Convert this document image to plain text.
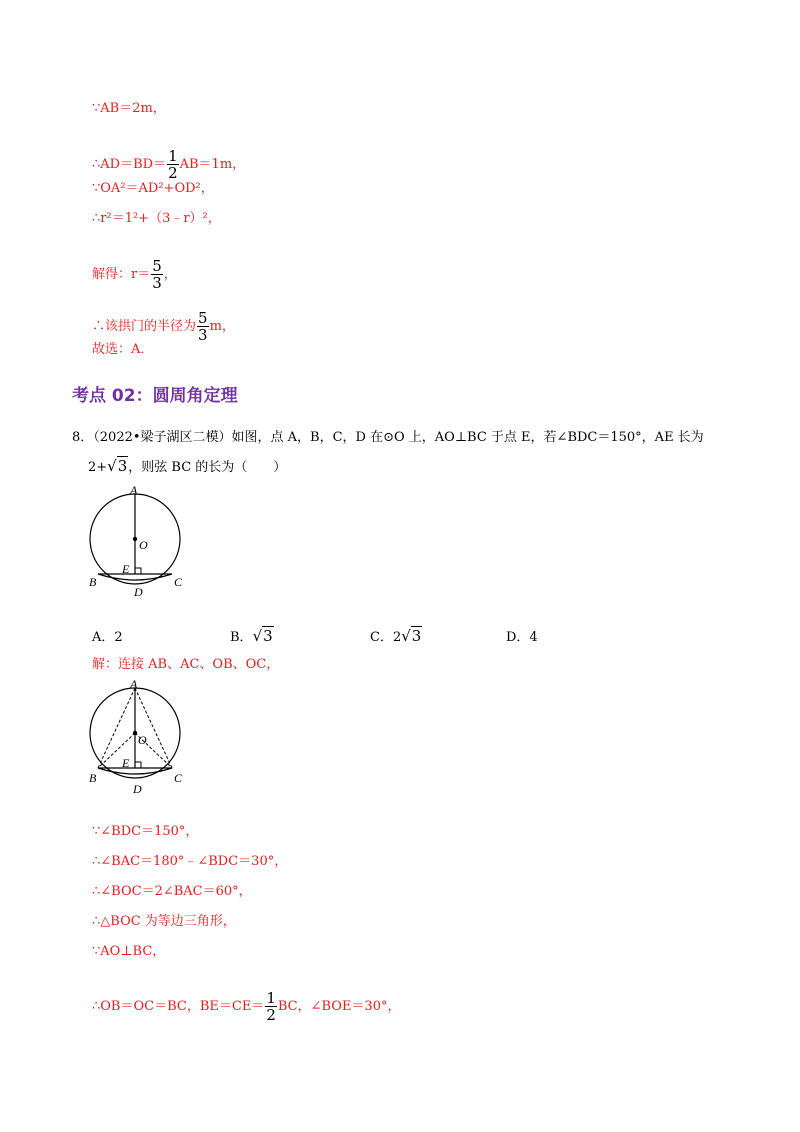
∵AB＝2m，
∴AD＝BD＝ $\frac{1}{2} AB=1m$，
∵OA²＝AD²+OD²，
∴r²＝1²+（3﹣r）²，
解得：$r= \frac{5}{3}$ ，
∴该拱门的半径为 $\frac{5}{3}$ m，
故选：A．
考点 02：圆周角定理
8．（2022•梁子湖区二模）如图，点 A，B，C，D 在⊙O 上，AO⊥BC 于点 E，若∠BDC＝150°，AE 长为
2+√3，则弦 BC 的长为（　　）
A
O
E
B	C
D
A．2	B．√3	C．2√3	D．4
解：连接 AB、AC、OB、OC，
A
O
E
B	C
D
∵∠BDC＝150°，
∴∠BAC＝180°﹣∠BDC＝30°，
∴∠BOC＝2∠BAC＝60°，
∴△BOC 为等边三角形，
∵AO⊥BC，
∴OB＝OC＝BC，$BE=CE= \frac{1}{2}$ BC，∠BOE＝30°，
